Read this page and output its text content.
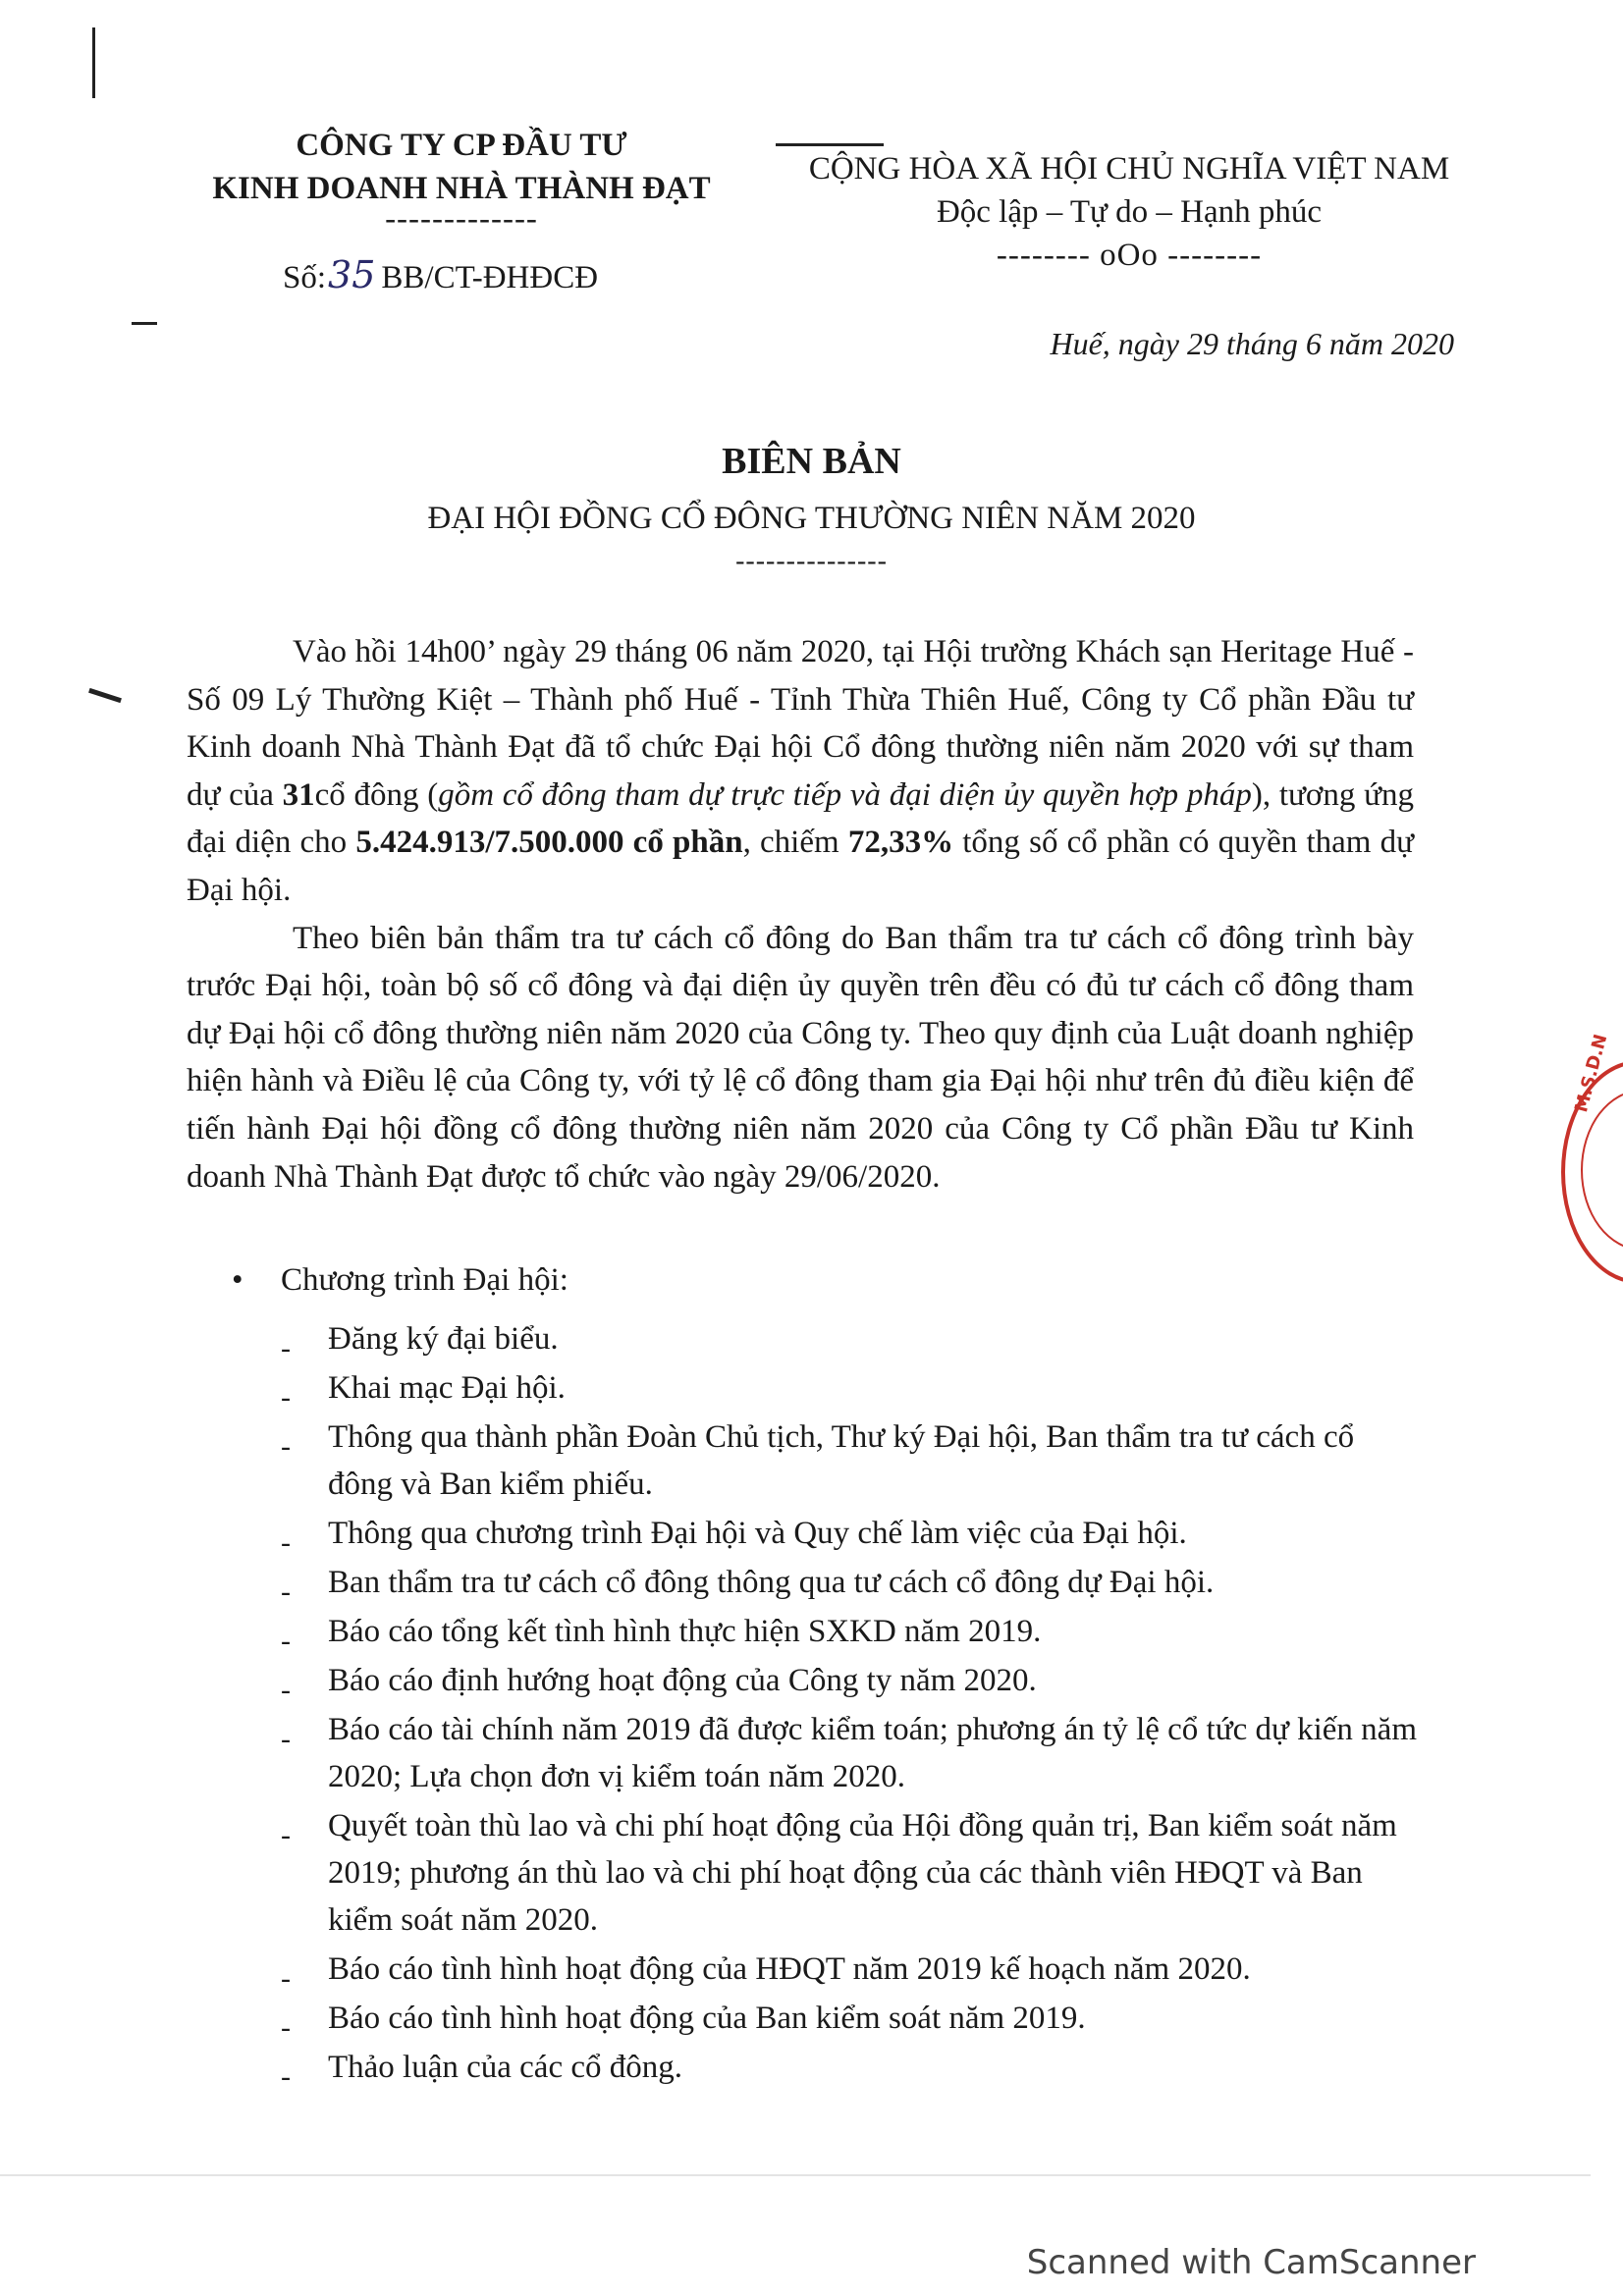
CÔNG TY CP ĐẦU TƯ
KINH DOANH NHÀ THÀNH ĐẠT
-------------
Số:35 BB/CT-ĐHĐCĐ
CỘNG HÒA XÃ HỘI CHỦ NGHĨA VIỆT NAM
Độc lập – Tự do – Hạnh phúc
-------- oOo --------
Huế, ngày 29 tháng 6 năm 2020
BIÊN BẢN
ĐẠI HỘI ĐỒNG CỔ ĐÔNG THƯỜNG NIÊN NĂM 2020
---------------

Vào hồi 14h00’ ngày 29 tháng 06 năm 2020, tại Hội trường Khách sạn Heritage Huế - Số 09 Lý Thường Kiệt – Thành phố Huế - Tỉnh Thừa Thiên Huế, Công ty Cổ phần Đầu tư Kinh doanh Nhà Thành Đạt đã tổ chức Đại hội Cổ đông thường niên năm 2020 với sự tham dự của 31cổ đông (gồm cổ đông tham dự trực tiếp và đại diện ủy quyền hợp pháp), tương ứng đại diện cho 5.424.913/7.500.000 cổ phần, chiếm 72,33% tổng số cổ phần có quyền tham dự Đại hội.

Theo biên bản thẩm tra tư cách cổ đông do Ban thẩm tra tư cách cổ đông trình bày trước Đại hội, toàn bộ số cổ đông và đại diện ủy quyền trên đều có đủ tư cách cổ đông tham dự Đại hội cổ đông thường niên năm 2020 của Công ty. Theo quy định của Luật doanh nghiệp hiện hành và Điều lệ của Công ty, với tỷ lệ cổ đông tham gia Đại hội như trên đủ điều kiện để tiến hành Đại hội đồng cổ đông thường niên năm 2020 của Công ty Cổ phần Đầu tư Kinh doanh Nhà Thành Đạt được tổ chức vào ngày 29/06/2020.

• Chương trình Đại hội:
- Đăng ký đại biểu.
- Khai mạc Đại hội.
- Thông qua thành phần Đoàn Chủ tịch, Thư ký Đại hội, Ban thẩm tra tư cách cổ đông và Ban kiểm phiếu.
- Thông qua chương trình Đại hội và Quy chế làm việc của Đại hội.
- Ban thẩm tra tư cách cổ đông thông qua tư cách cổ đông dự Đại hội.
- Báo cáo tổng kết tình hình thực hiện SXKD năm 2019.
- Báo cáo định hướng hoạt động của Công ty năm 2020.
- Báo cáo tài chính năm 2019 đã được kiểm toán; phương án tỷ lệ cổ tức dự kiến năm 2020; Lựa chọn đơn vị kiểm toán năm 2020.
- Quyết toàn thù lao và chi phí hoạt động của Hội đồng quản trị, Ban kiểm soát năm 2019; phương án thù lao và chi phí hoạt động của các thành viên HĐQT và Ban kiểm soát năm 2020.
- Báo cáo tình hình hoạt động của HĐQT năm 2019 kế hoạch năm 2020.
- Báo cáo tình hình hoạt động của Ban kiểm soát năm 2019.
- Thảo luận của các cổ đông.
M.S.D.N
Scanned with CamScanner
